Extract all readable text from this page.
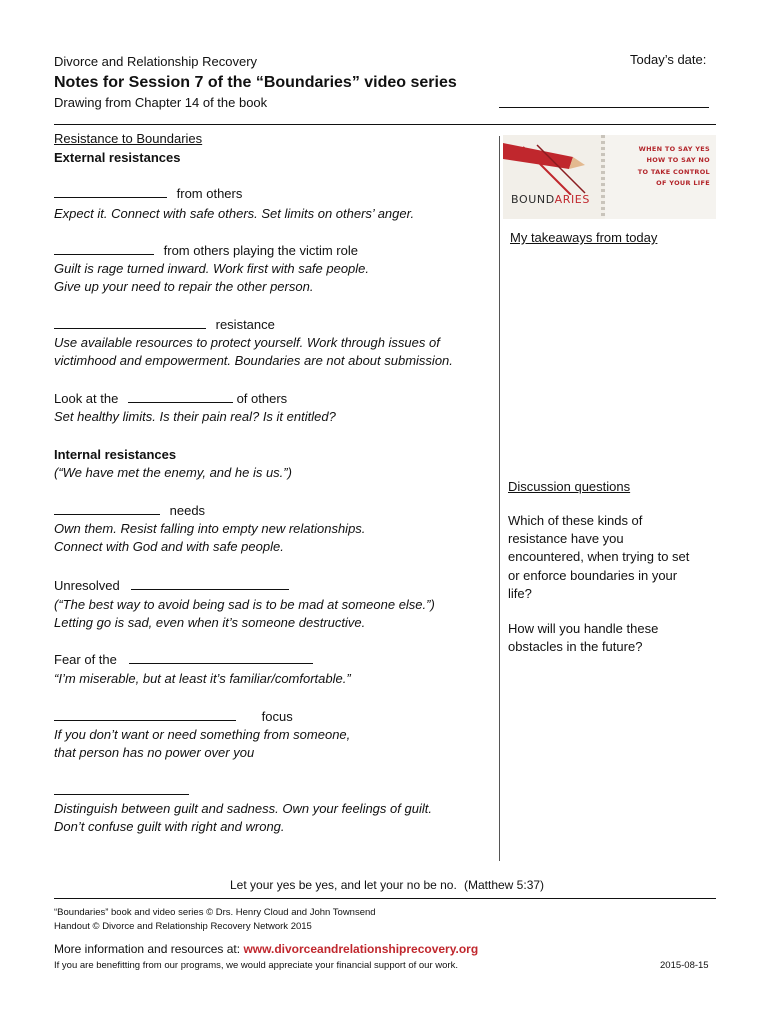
Divorce and Relationship Recovery	Today’s date:
Notes for Session 7 of the “Boundaries” video series
Drawing from Chapter 14 of the book
WHEN TO SAY YES
HOW TO SAY NO
TO TAKE CONTROL
OF YOUR LIFE
BOUNDARIES
Resistance to Boundaries
External resistances
from others
Expect it. Connect with safe others. Set limits on others’ anger.
from others playing the victim role
Guilt is rage turned inward. Work first with safe people.
Give up your need to repair the other person.
resistance
Use available resources to protect yourself. Work through issues of
victimhood and empowerment. Boundaries are not about submission.
Look at the	of others
Set healthy limits. Is their pain real? Is it entitled?
Internal resistances
(“We have met the enemy, and he is us.”)
needs
Own them. Resist falling into empty new relationships.
Connect with God and with safe people.
Unresolved
(“The best way to avoid being sad is to be mad at someone else.”)
Letting go is sad, even when it’s someone destructive.
Fear of the
“I’m miserable, but at least it’s familiar/comfortable.”
focus
If you don’t want or need something from someone,
that person has no power over you
Distinguish between guilt and sadness. Own your feelings of guilt.
Don’t confuse guilt with right and wrong.
My takeaways from today
Discussion questions
Which of these kinds of
resistance have you
encountered, when trying to set
or enforce boundaries in your
life?
How will you handle these
obstacles in the future?
Let your yes be yes, and let your no be no. (Matthew 5:37)
“Boundaries” book and video series © Drs. Henry Cloud and John Townsend
Handout © Divorce and Relationship Recovery Network 2015
More information and resources at: www.divorceandrelationshiprecovery.org
If you are benefitting from our programs, we would appreciate your financial support of our work.	2015-08-15
